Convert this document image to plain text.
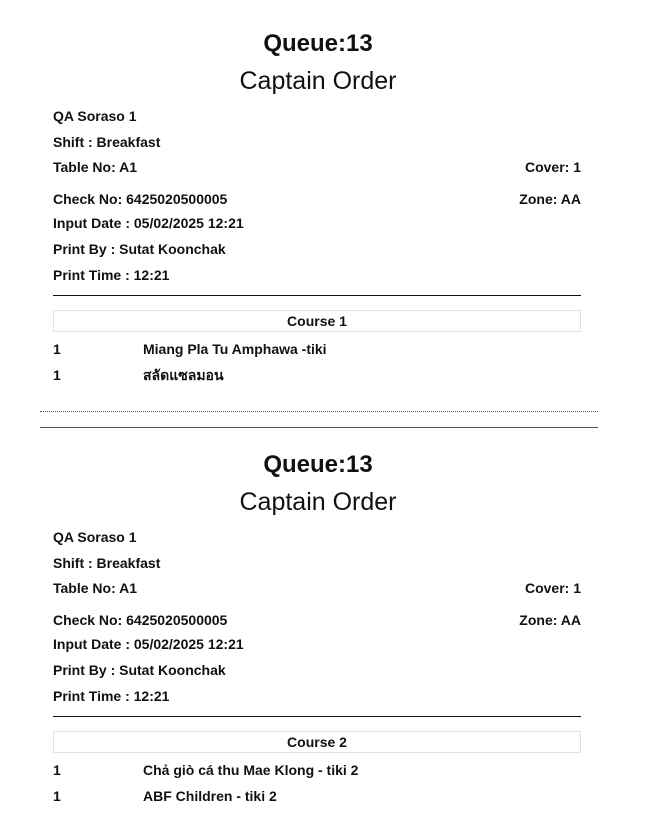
Queue:13
Captain Order
QA Soraso 1
Shift : Breakfast
Table No: A1	Cover: 1
Check No: 6425020500005	Zone: AA
Input Date : 05/02/2025 12:21
Print By : Sutat Koonchak
Print Time : 12:21
Course 1
1	Miang Pla Tu Amphawa -tiki
1	สลัดแซลมอน
Queue:13
Captain Order
QA Soraso 1
Shift : Breakfast
Table No: A1	Cover: 1
Check No: 6425020500005	Zone: AA
Input Date : 05/02/2025 12:21
Print By : Sutat Koonchak
Print Time : 12:21
Course 2
1	Chả giò cá thu Mae Klong - tiki 2
1	ABF Children - tiki 2
